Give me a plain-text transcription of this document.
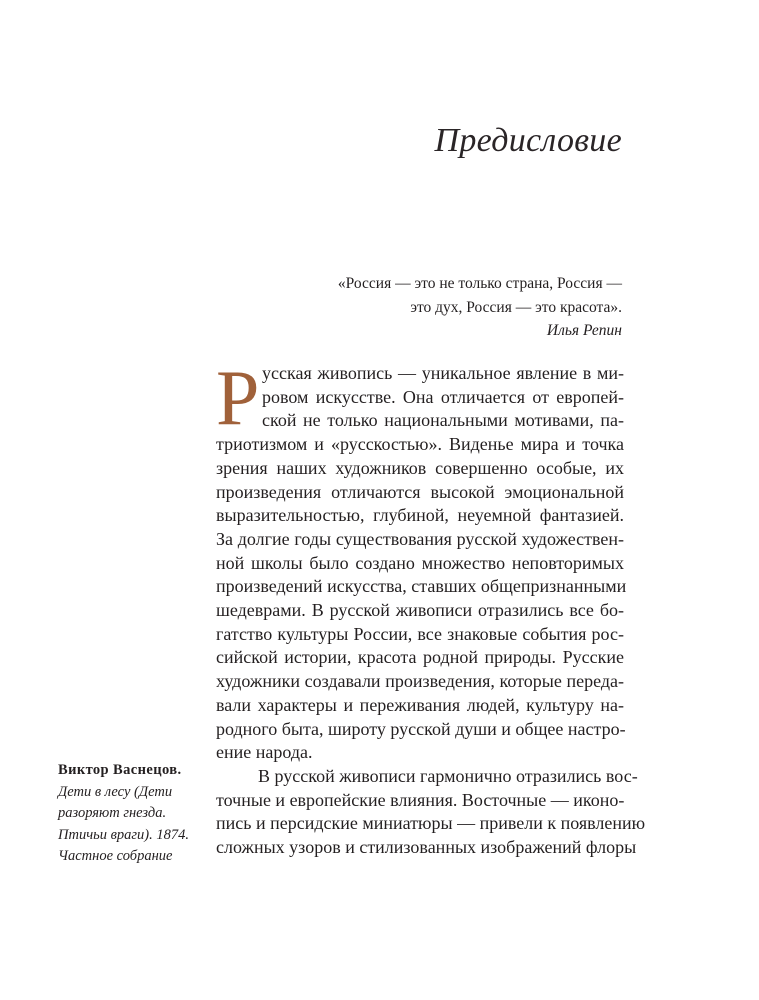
Предисловие
«Россия — это не только страна, Россия —
это дух, Россия — это красота».
Илья Репин
Р усская живопись — уникальное явление в ми-
ровом искусстве. Она отличается от европей-
ской не только национальными мотивами, па-
триотизмом и «русскостью». Виденье мира и точка
зрения наших художников совершенно особые, их
произведения отличаются высокой эмоциональной
выразительностью, глубиной, неуемной фантазией.
За долгие годы существования русской художествен-
ной школы было создано множество неповторимых
произведений искусства, ставших общепризнанными
шедеврами. В русской живописи отразились все бо-
гатство культуры России, все знаковые события рос-
сийской истории, красота родной природы. Русские
художники создавали произведения, которые переда-
вали характеры и переживания людей, культуру на-
родного быта, широту русской души и общее настро-
ение народа.
В русской живописи гармонично отразились вос-
точные и европейские влияния. Восточные — иконо-
пись и персидские миниатюры — привели к появлению
сложных узоров и стилизованных изображений флоры
Виктор Васнецов.
Дети в лесу (Дети
разоряют гнезда.
Птичьи враги). 1874.
Частное собрание
